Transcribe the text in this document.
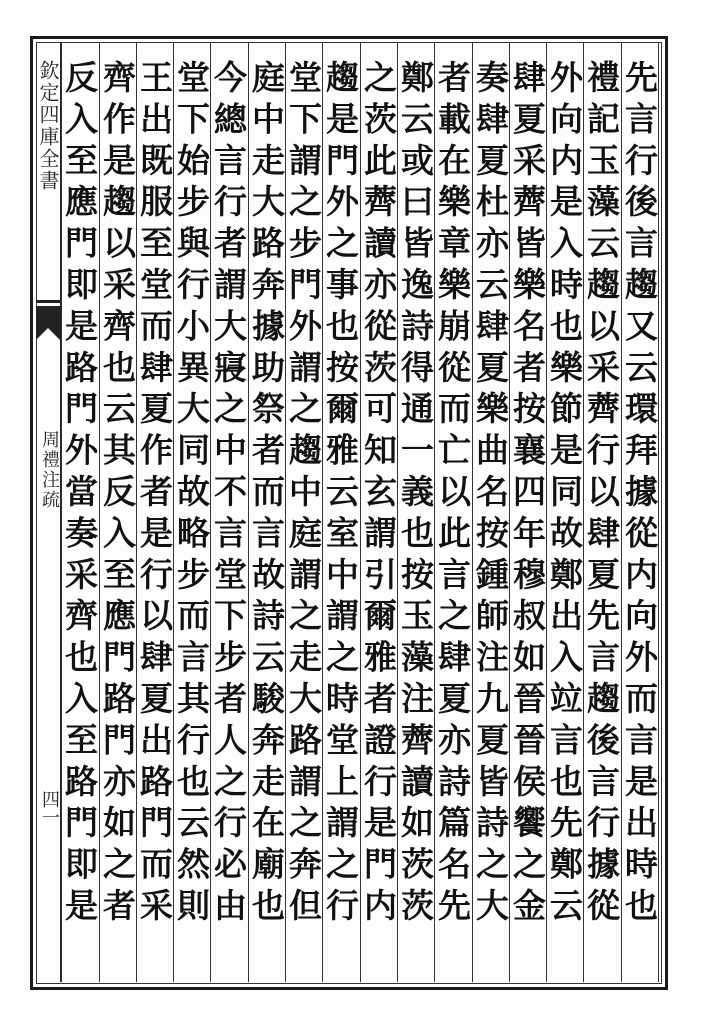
欽定四庫全書
周禮注疏
四一	先言行後言趨又云環拜據從内向外而言是出時也
禮記玉藻云趨以采薺行以肆夏先言趨後言行據從
外向内是入時也樂節是同故鄭出入竝言也先鄭云
肆夏采薺皆樂名者按襄四年穆叔如晉晉侯饗之金
奏肆夏杜亦云肆夏樂曲名按鍾師注九夏皆詩之大
者載在樂章樂崩從而亡以此言之肆夏亦詩篇名先
鄭云或曰皆逸詩得通一義也按玉藻注薺讀如茨茨
之茨此薺讀亦從茨可知玄謂引爾雅者證行是門内
趨是門外之事也按爾雅云室中謂之時堂上謂之行
堂下謂之步門外謂之趨中庭謂之走大路謂之奔但
庭中走大路奔據助祭者而言故詩云駿奔走在廟也
今總言行者謂大寢之中不言堂下步者人之行必由
堂下始步與行小異大同故略步而言其行也云然則
王出既服至堂而肆夏作者是行以肆夏出路門而采
齊作是趨以采齊也云其反入至應門路門亦如之者
反入至應門即是路門外當奏采齊也入至路門即是
